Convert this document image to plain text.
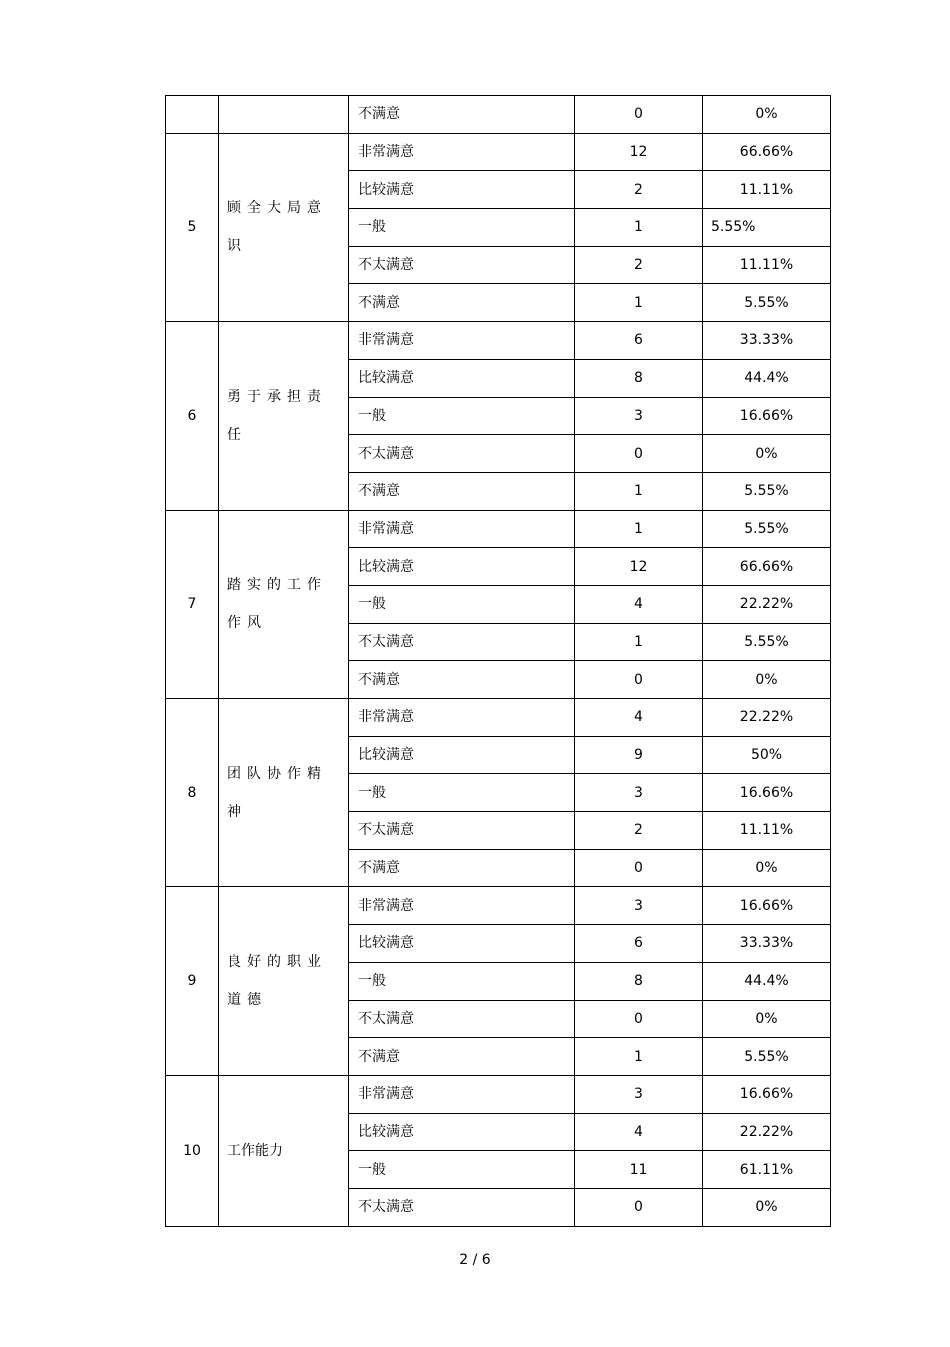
		不满意	0	0%
5	顾全大局意识	非常满意	12	66.66%
		比较满意	2	11.11%
		一般	1	5.55%
		不太满意	2	11.11%
		不满意	1	5.55%
6	勇于承担责任	非常满意	6	33.33%
		比较满意	8	44.4%
		一般	3	16.66%
		不太满意	0	0%
		不满意	1	5.55%
7	踏实的工作作风	非常满意	1	5.55%
		比较满意	12	66.66%
		一般	4	22.22%
		不太满意	1	5.55%
		不满意	0	0%
8	团队协作精神	非常满意	4	22.22%
		比较满意	9	50%
		一般	3	16.66%
		不太满意	2	11.11%
		不满意	0	0%
9	良好的职业道德	非常满意	3	16.66%
		比较满意	6	33.33%
		一般	8	44.4%
		不太满意	0	0%
		不满意	1	5.55%
10	工作能力	非常满意	3	16.66%
		比较满意	4	22.22%
		一般	11	61.11%
		不太满意	0	0%
2 / 6
